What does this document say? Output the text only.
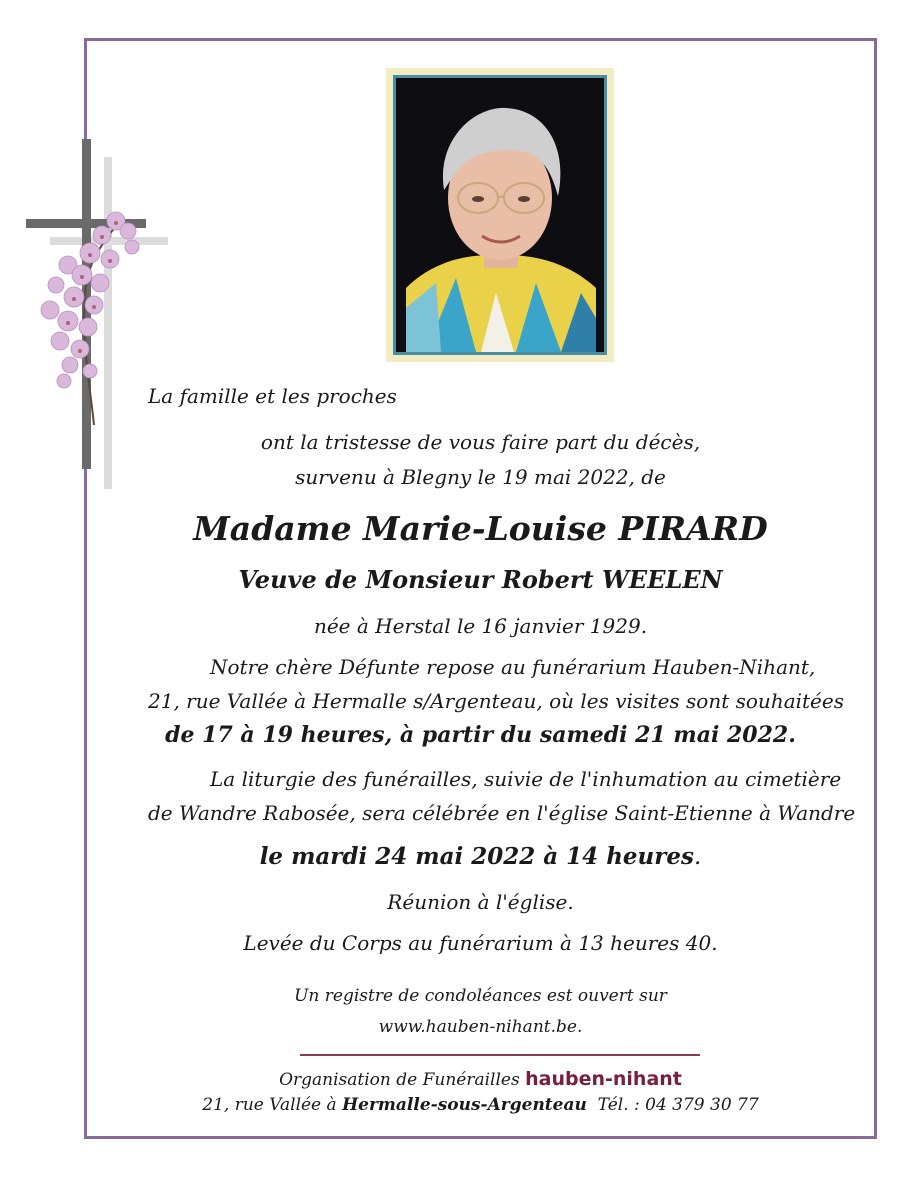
La famille et les proches
ont la tristesse de vous faire part du décès,
survenu à Blegny le 19 mai 2022, de
Madame Marie-Louise PIRARD
Veuve de Monsieur Robert WEELEN
née à Herstal le 16 janvier 1929.
Notre chère Défunte repose au funérarium Hauben-Nihant,
21, rue Vallée à Hermalle s/Argenteau, où les visites sont souhaitées
de 17 à 19 heures, à partir du samedi 21 mai 2022.
La liturgie des funérailles, suivie de l'inhumation au cimetière
de Wandre Rabosée, sera célébrée en l'église Saint-Etienne à Wandre
le mardi 24 mai 2022 à 14 heures.
Réunion à l'église.
Levée du Corps au funérarium à 13 heures 40.
Un registre de condoléances est ouvert sur
www.hauben-nihant.be.
Organisation de Funérailles hauben-nihant
21, rue Vallée à Hermalle-sous-Argenteau Tél. : 04 379 30 77
